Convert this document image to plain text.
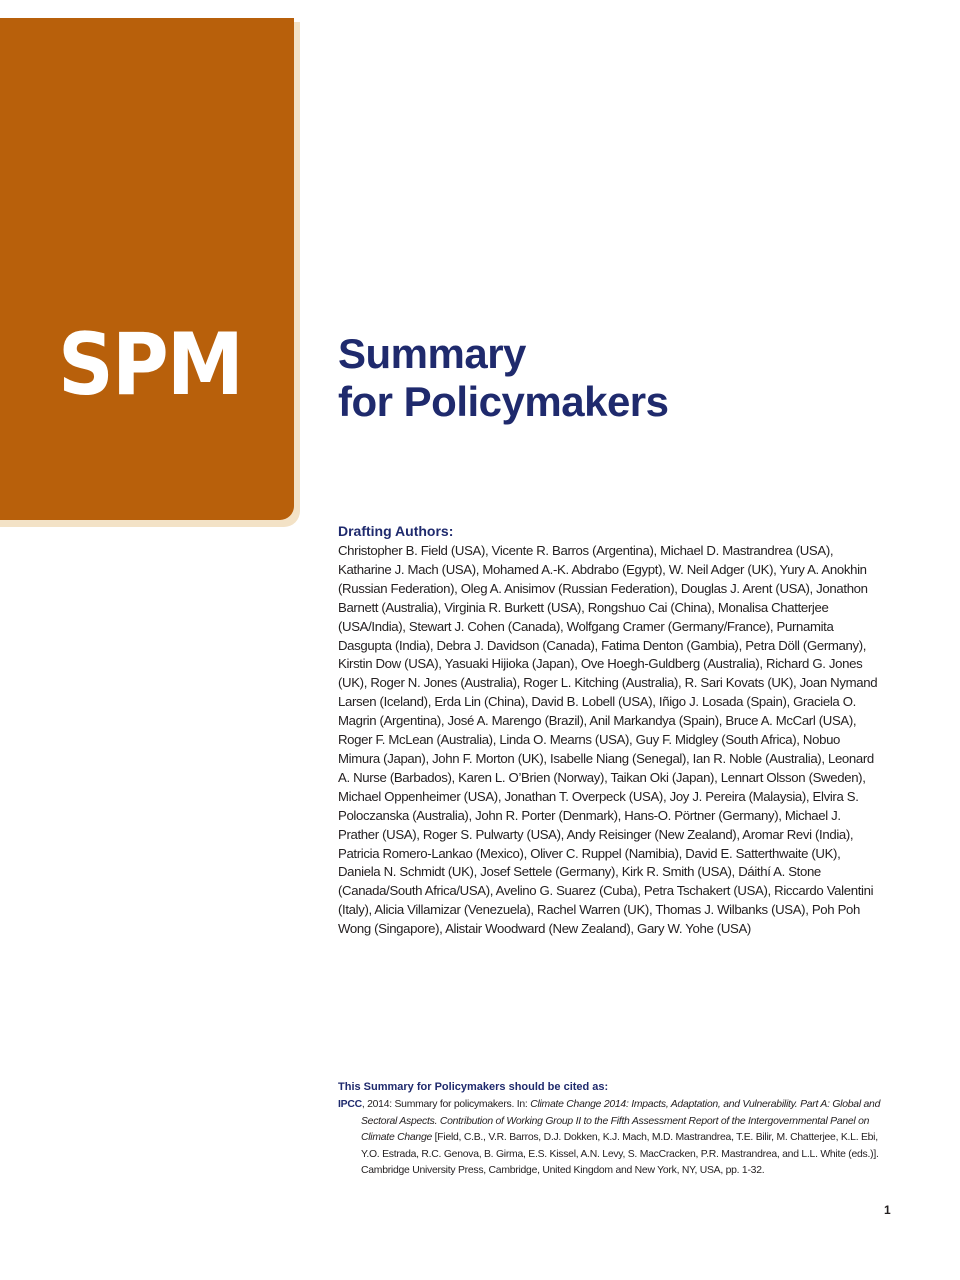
SPM Summary
for Policymakers

Drafting Authors:

Christopher B. Field (USA), Vicente R. Barros (Argentina), Michael D. Mastrandrea (USA), Katharine J. Mach (USA), Mohamed A.-K. Abdrabo (Egypt), W. Neil Adger (UK), Yury A. Anokhin (Russian Federation), Oleg A. Anisimov (Russian Federation), Douglas J. Arent (USA), Jonathon Barnett (Australia), Virginia R. Burkett (USA), Rongshuo Cai (China), Monalisa Chatterjee (USA/India), Stewart J. Cohen (Canada), Wolfgang Cramer (Germany/France), Purnamita Dasgupta (India), Debra J. Davidson (Canada), Fatima Denton (Gambia), Petra Döll (Germany), Kirstin Dow (USA), Yasuaki Hijioka (Japan), Ove Hoegh-Guldberg (Australia), Richard G. Jones (UK), Roger N. Jones (Australia), Roger L. Kitching (Australia), R. Sari Kovats (UK), Joan Nymand Larsen (Iceland), Erda Lin (China), David B. Lobell (USA), Iñigo J. Losada (Spain), Graciela O. Magrin (Argentina), José A. Marengo (Brazil), Anil Markandya (Spain), Bruce A. McCarl (USA), Roger F. McLean (Australia), Linda O. Mearns (USA), Guy F. Midgley (South Africa), Nobuo Mimura (Japan), John F. Morton (UK), Isabelle Niang (Senegal), Ian R. Noble (Australia), Leonard A. Nurse (Barbados), Karen L. O’Brien (Norway), Taikan Oki (Japan), Lennart Olsson (Sweden), Michael Oppenheimer (USA), Jonathan T. Overpeck (USA), Joy J. Pereira (Malaysia), Elvira S. Poloczanska (Australia), John R. Porter (Denmark), Hans-O. Pörtner (Germany), Michael J. Prather (USA), Roger S. Pulwarty (USA), Andy Reisinger (New Zealand), Aromar Revi (India), Patricia Romero-Lankao (Mexico), Oliver C. Ruppel (Namibia), David E. Satterthwaite (UK), Daniela N. Schmidt (UK), Josef Settele (Germany), Kirk R. Smith (USA), Dáithí A. Stone (Canada/South Africa/USA), Avelino G. Suarez (Cuba), Petra Tschakert (USA), Riccardo Valentini (Italy), Alicia Villamizar (Venezuela), Rachel Warren (UK), Thomas J. Wilbanks (USA), Poh Poh Wong (Singapore), Alistair Woodward (New Zealand), Gary W. Yohe (USA)

This Summary for Policymakers should be cited as:

IPCC, 2014: Summary for policymakers. In: Climate Change 2014: Impacts, Adaptation, and Vulnerability. Part A: Global and Sectoral Aspects. Contribution of Working Group II to the Fifth Assessment Report of the Intergovernmental Panel on Climate Change [Field, C.B., V.R. Barros, D.J. Dokken, K.J. Mach, M.D. Mastrandrea, T.E. Bilir, M. Chatterjee, K.L. Ebi, Y.O. Estrada, R.C. Genova, B. Girma, E.S. Kissel, A.N. Levy, S. MacCracken, P.R. Mastrandrea, and L.L. White (eds.)]. Cambridge University Press, Cambridge, United Kingdom and New York, NY, USA, pp. 1-32.

1
